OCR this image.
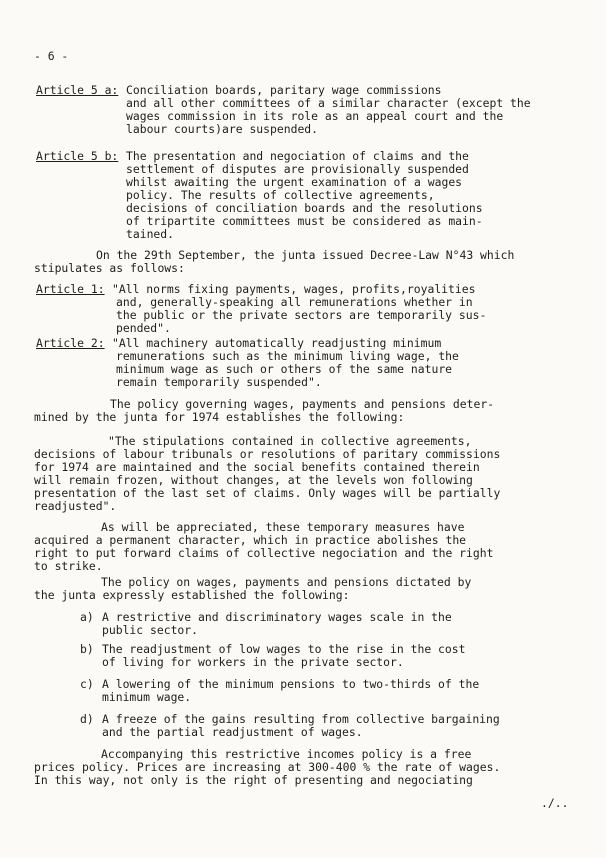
- 6 -
Article 5 a: Conciliation boards, paritary wage commissions
and all other committees of a similar character (except the
wages commission in its role as an appeal court and the
labour courts)are suspended.
Article 5 b: The presentation and negociation of claims and the
settlement of disputes are provisionally suspended
whilst awaiting the urgent examination of a wages
policy. The results of collective agreements,
decisions of conciliation boards and the resolutions
of tripartite committees must be considered as main-
tained.
On the 29th September, the junta issued Decree-Law N°43 which
stipulates as follows:
Article 1: "All norms fixing payments, wages, profits,royalities
and, generally-speaking all remunerations whether in
the public or the private sectors are temporarily sus-
pended".
Article 2: "All machinery automatically readjusting minimum
remunerations such as the minimum living wage, the
minimum wage as such or others of the same nature
remain temporarily suspended".
The policy governing wages, payments and pensions deter-
mined by the junta for 1974 establishes the following:
"The stipulations contained in collective agreements,
decisions of labour tribunals or resolutions of paritary commissions
for 1974 are maintained and the social benefits contained therein
will remain frozen, without changes, at the levels won following
presentation of the last set of claims. Only wages will be partially
readjusted".
As will be appreciated, these temporary measures have
acquired a permanent character, which in practice abolishes the
right to put forward claims of collective negociation and the right
to strike.
The policy on wages, payments and pensions dictated by
the junta expressly established the following:
a) A restrictive and discriminatory wages scale in the
public sector.
b) The readjustment of low wages to the rise in the cost
of living for workers in the private sector.
c) A lowering of the minimum pensions to two-thirds of the
minimum wage.
d) A freeze of the gains resulting from collective bargaining
and the partial readjustment of wages.
Accompanying this restrictive incomes policy is a free
prices policy. Prices are increasing at 300-400 % the rate of wages.
In this way, not only is the right of presenting and negociating
./..
